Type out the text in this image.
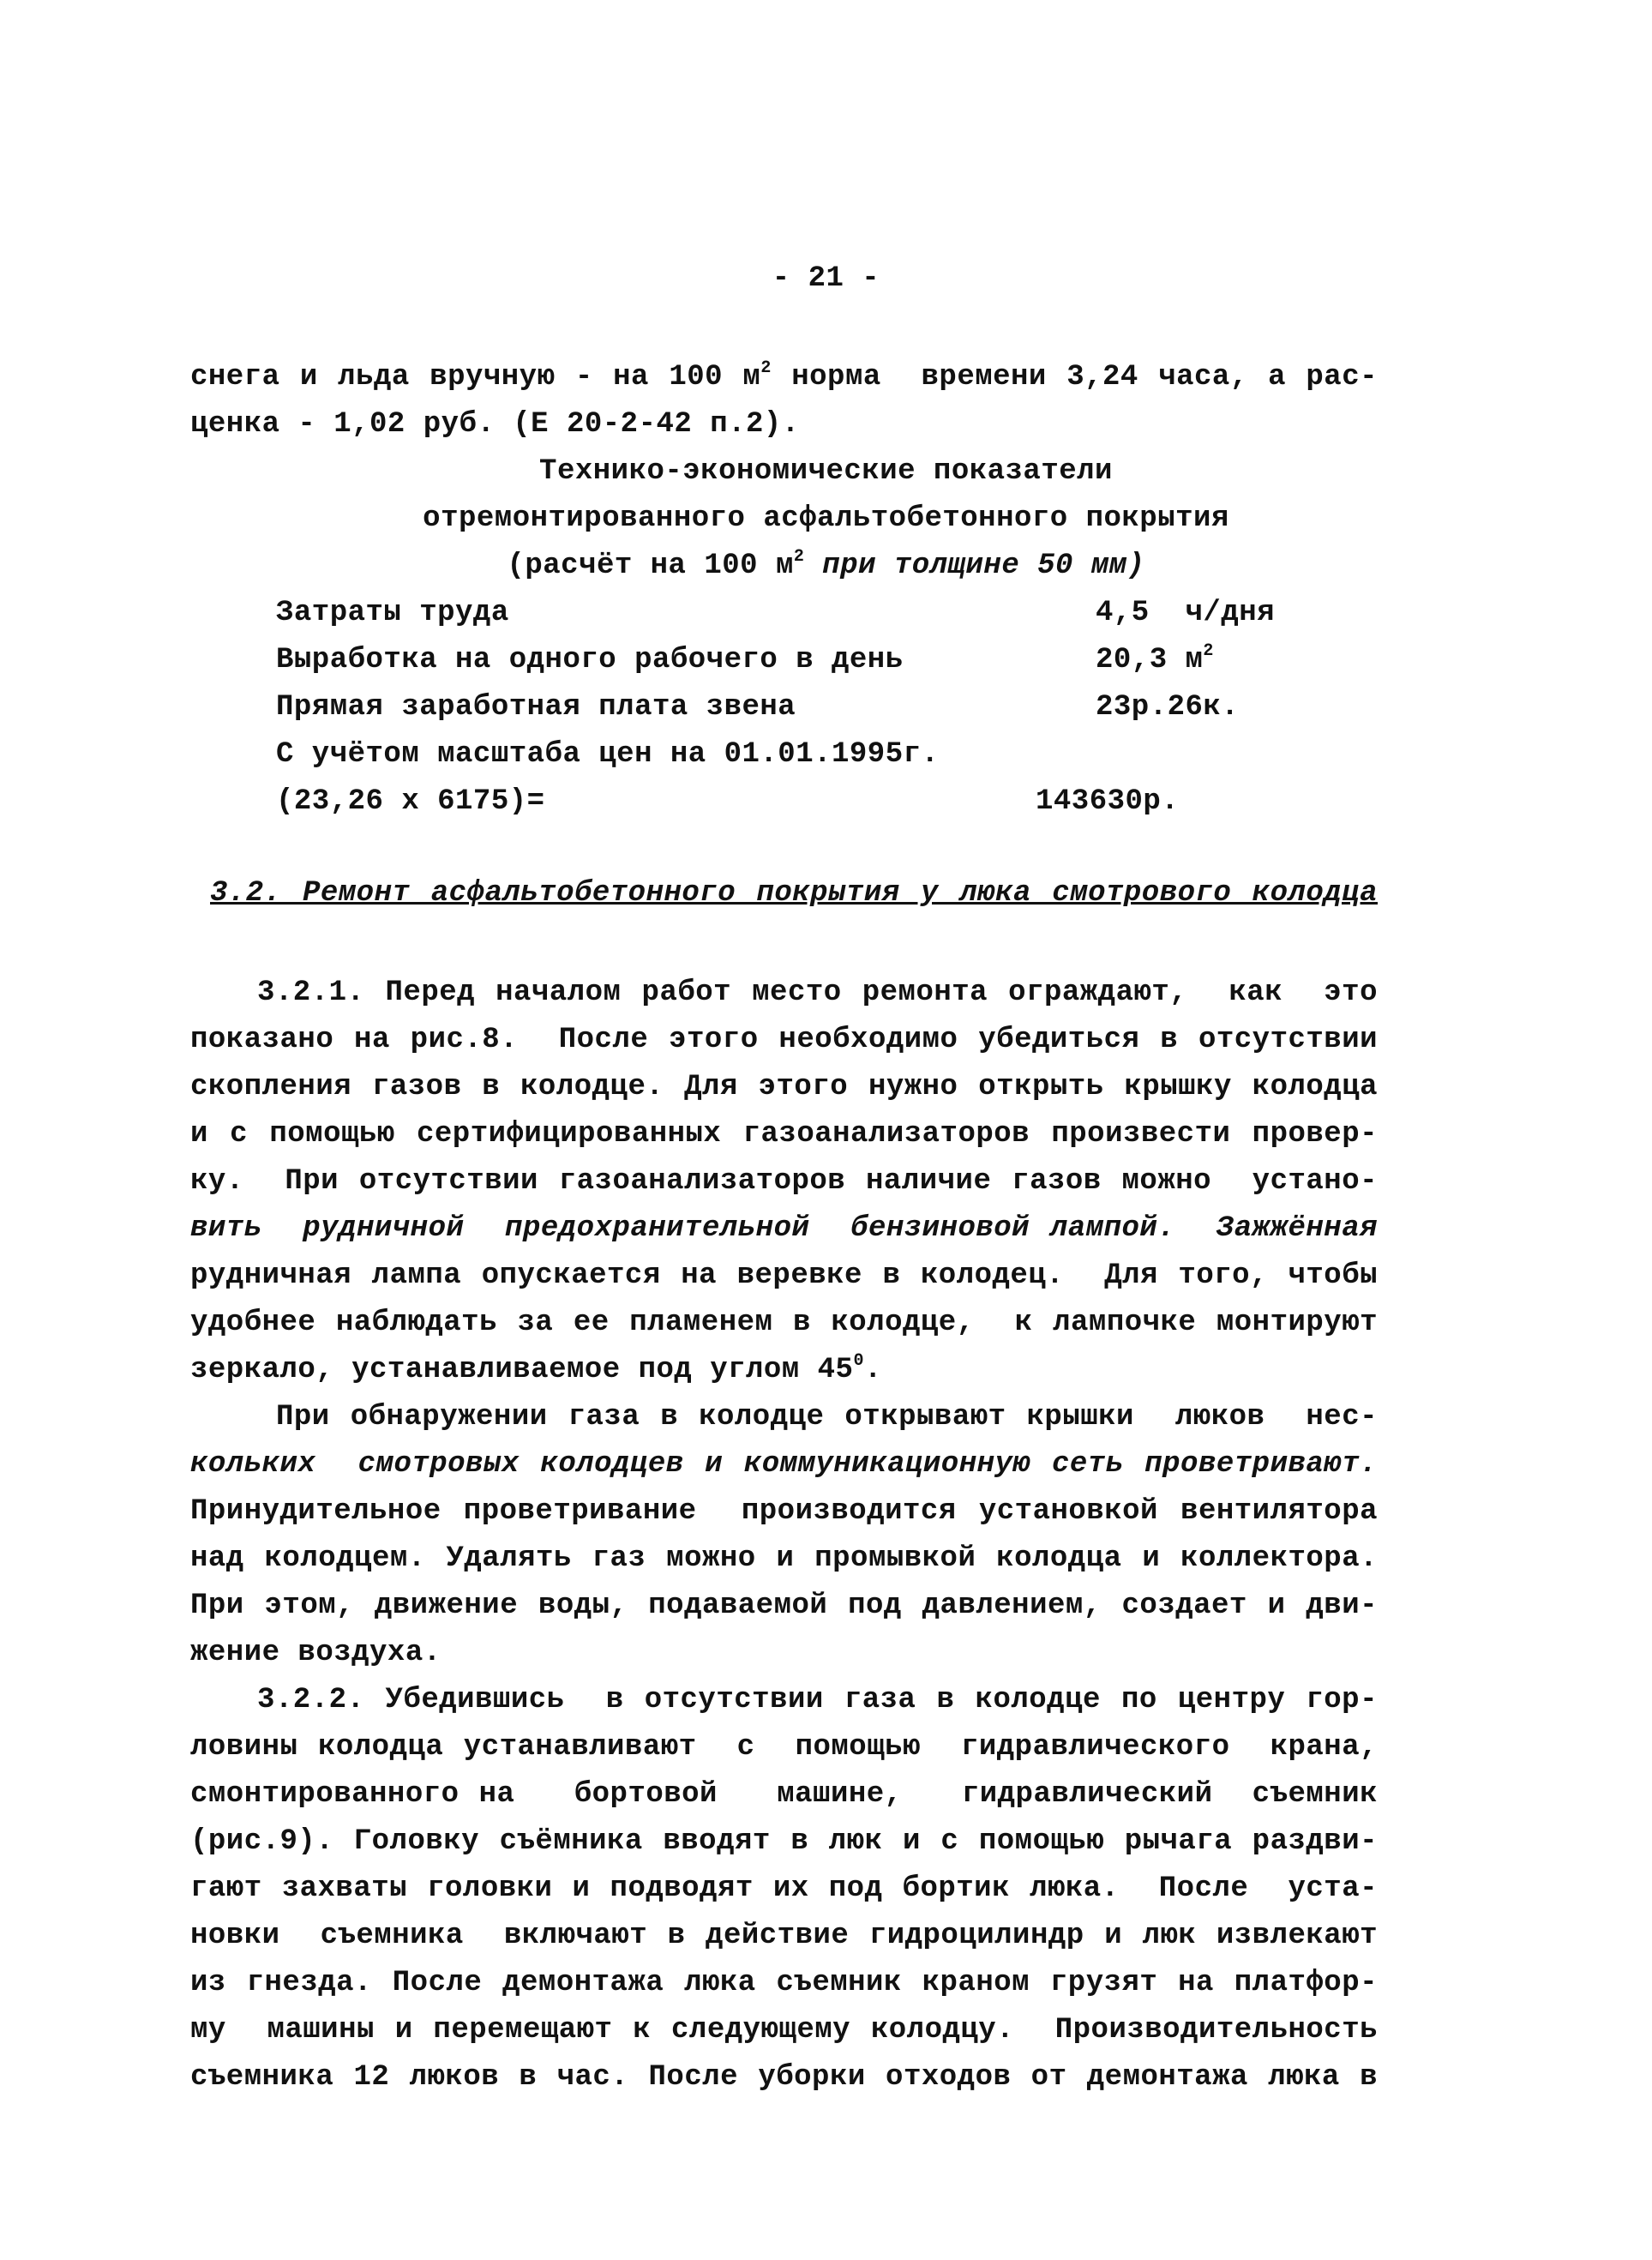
- 21 -
снега и льда вручную - на 100 $м^2$ норма  времени 3,24 часа, а рас-
ценка - 1,02 руб. (Е 20-2-42 п.2).
Технико-экономические показатели
отремонтированного асфальтобетонного покрытия
(расчёт на 100 $м^2$ при толщине 50 мм)
Затраты труда	4,5  ч/дня
Выработка на одного рабочего в день	20,3 $м^2$
Прямая заработная плата звена	23р.26к.
С учётом масштаба цен на 01.01.1995г.
(23,26 х 6175)=	143630р.
3.2. Ремонт асфальтобетонного покрытия у люка смотрового колодца
3.2.1. Перед началом работ место ремонта ограждают,  как  это
показано на рис.8.  После этого необходимо убедиться в отсутствии
скопления газов в колодце. Для этого нужно открыть крышку колодца
и с помощью сертифицированных газоанализаторов произвести провер-
ку.  При отсутствии газоанализаторов наличие газов можно  устано-
вить  рудничной  предохранительной  бензиновой лампой.  Зажжённая
рудничная лампа опускается на веревке в колодец.  Для того, чтобы
удобнее наблюдать за ее пламенем в колодце,  к лампочке монтируют
зеркало, устанавливаемое под углом $45^0$.
При обнаружении газа в колодце открывают крышки  люков  нес-
кольких  смотровых колодцев и коммуникационную сеть проветривают.
Принудительное проветривание  производится установкой вентилятора
над колодцем. Удалять газ можно и промывкой колодца и коллектора.
При этом, движение воды, подаваемой под давлением, создает и дви-
жение воздуха.
3.2.2. Убедившись  в отсутствии газа в колодце по центру гор-
ловины колодца устанавливают  с  помощью  гидравлического  крана,
смонтированного на   бортовой   машине,   гидравлический  съемник
(рис.9). Головку съёмника вводят в люк и с помощью рычага раздви-
гают захваты головки и подводят их под бортик люка.  После  уста-
новки  съемника  включают в действие гидроцилиндр и люк извлекают
из гнезда. После демонтажа люка съемник краном грузят на платфор-
му  машины и перемещают к следующему колодцу.  Производительность
съемника 12 люков в час. После уборки отходов от демонтажа люка в
